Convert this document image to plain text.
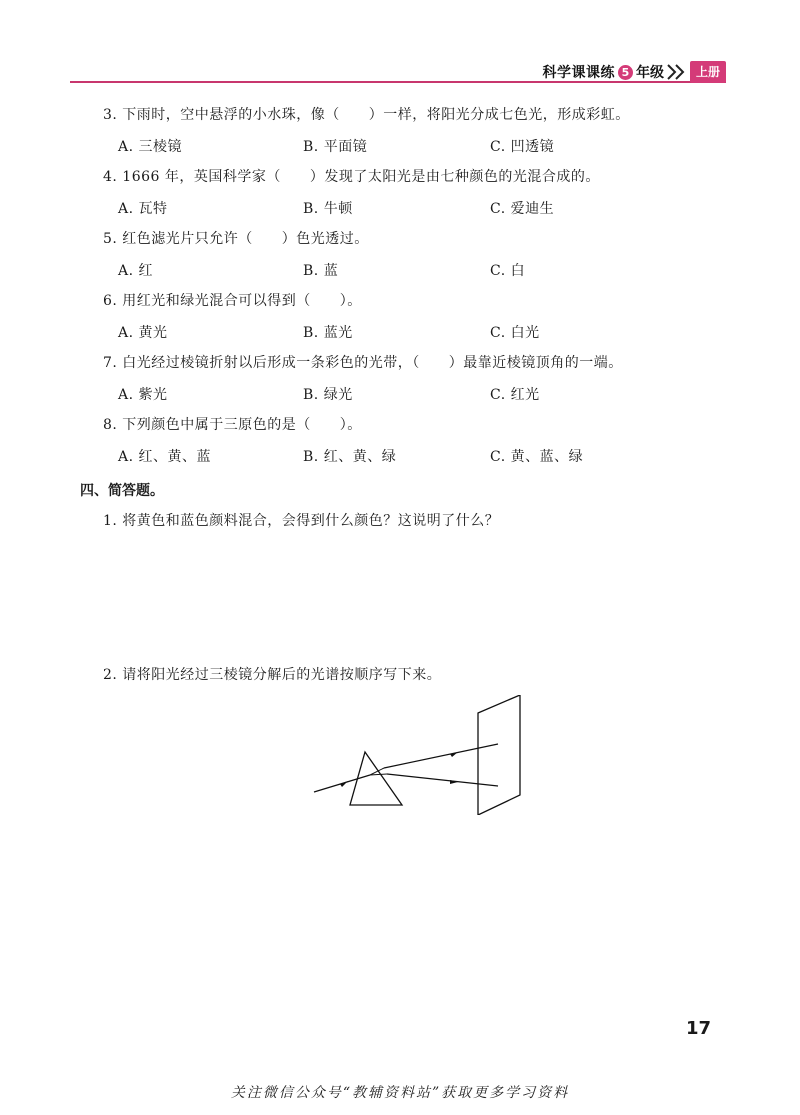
科学课课练 5 年级	上册
3. 下雨时，空中悬浮的小水珠，像（　　）一样，将阳光分成七色光，形成彩虹。
A. 三棱镜	B. 平面镜	C. 凹透镜
4. 1666 年，英国科学家（　　）发现了太阳光是由七种颜色的光混合成的。
A. 瓦特	B. 牛顿	C. 爱迪生
5. 红色滤光片只允许（　　）色光透过。
A. 红	B. 蓝	C. 白
6. 用红光和绿光混合可以得到（　　）。
A. 黄光	B. 蓝光	C. 白光
7. 白光经过棱镜折射以后形成一条彩色的光带，（　　）最靠近棱镜顶角的一端。
A. 紫光	B. 绿光	C. 红光
8. 下列颜色中属于三原色的是（　　）。
A. 红、黄、蓝	B. 红、黄、绿	C. 黄、蓝、绿
四、简答题。
1. 将黄色和蓝色颜料混合，会得到什么颜色？这说明了什么？
2. 请将阳光经过三棱镜分解后的光谱按顺序写下来。
17
关注微信公众号“教辅资料站”获取更多学习资料
